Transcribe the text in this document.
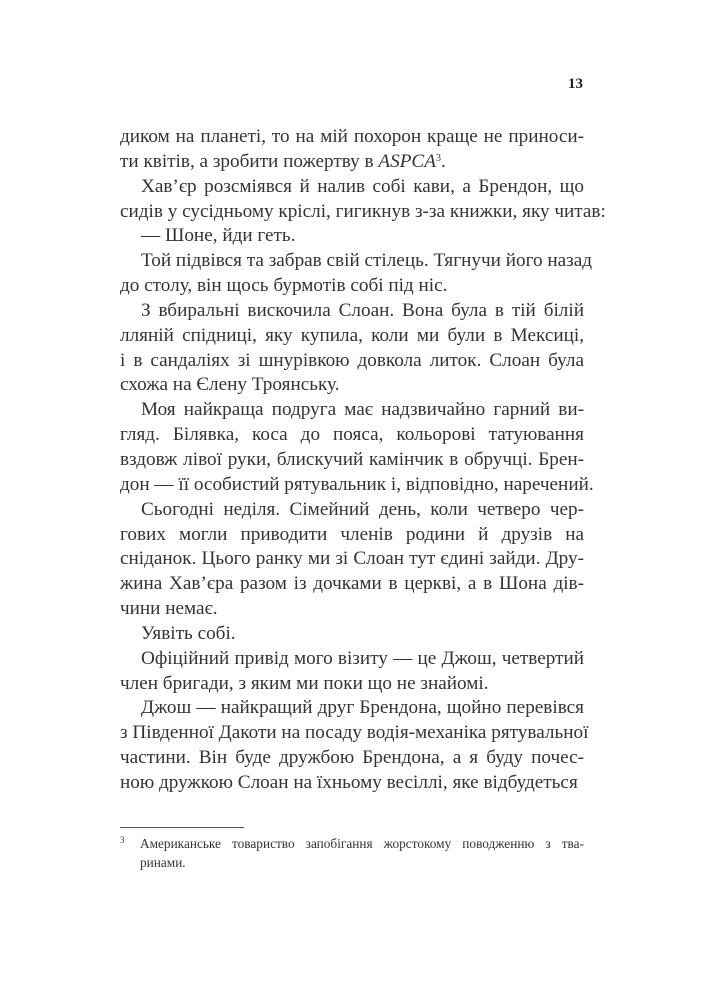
13
диком на планеті, то на мій похорон краще не приноси-
ти квітів, а зробити пожертву в ASPCA$^3$.
Хав’єр розсміявся й налив собі кави, а Брендон, що
сидів у сусідньому кріслі, гигикнув з-за книжки, яку читав:
— Шоне, йди геть.
Той підвівся та забрав свій стілець. Тягнучи його назад
до столу, він щось бурмотів собі під ніс.
З вбиральні вискочила Слоан. Вона була в тій білій
лляній спідниці, яку купила, коли ми були в Мексиці,
і в сандаліях зі шнурівкою довкола литок. Слоан була
схожа на Єлену Троянську.
Моя найкраща подруга має надзвичайно гарний ви-
гляд. Білявка, коса до пояса, кольорові татуювання
вздовж лівої руки, блискучий камінчик в обручці. Брен-
дон — її особистий рятувальник і, відповідно, наречений.
Сьогодні неділя. Сімейний день, коли четверо чер-
гових могли приводити членів родини й друзів на
сніданок. Цього ранку ми зі Слоан тут єдині зайди. Дру-
жина Хав’єра разом із дочками в церкві, а в Шона дів-
чини немає.
Уявіть собі.
Офіційний привід мого візиту — це Джош, четвертий
член бригади, з яким ми поки що не знайомі.
Джош — найкращий друг Брендона, щойно перевівся
з Південної Дакоти на посаду водія-механіка рятувальної
частини. Він буде дружбою Брендона, а я буду почес-
ною дружкою Слоан на їхньому весіллі, яке відбудеться
3	Американське товариство запобігання жорстокому поводженню з тва-
ринами.
